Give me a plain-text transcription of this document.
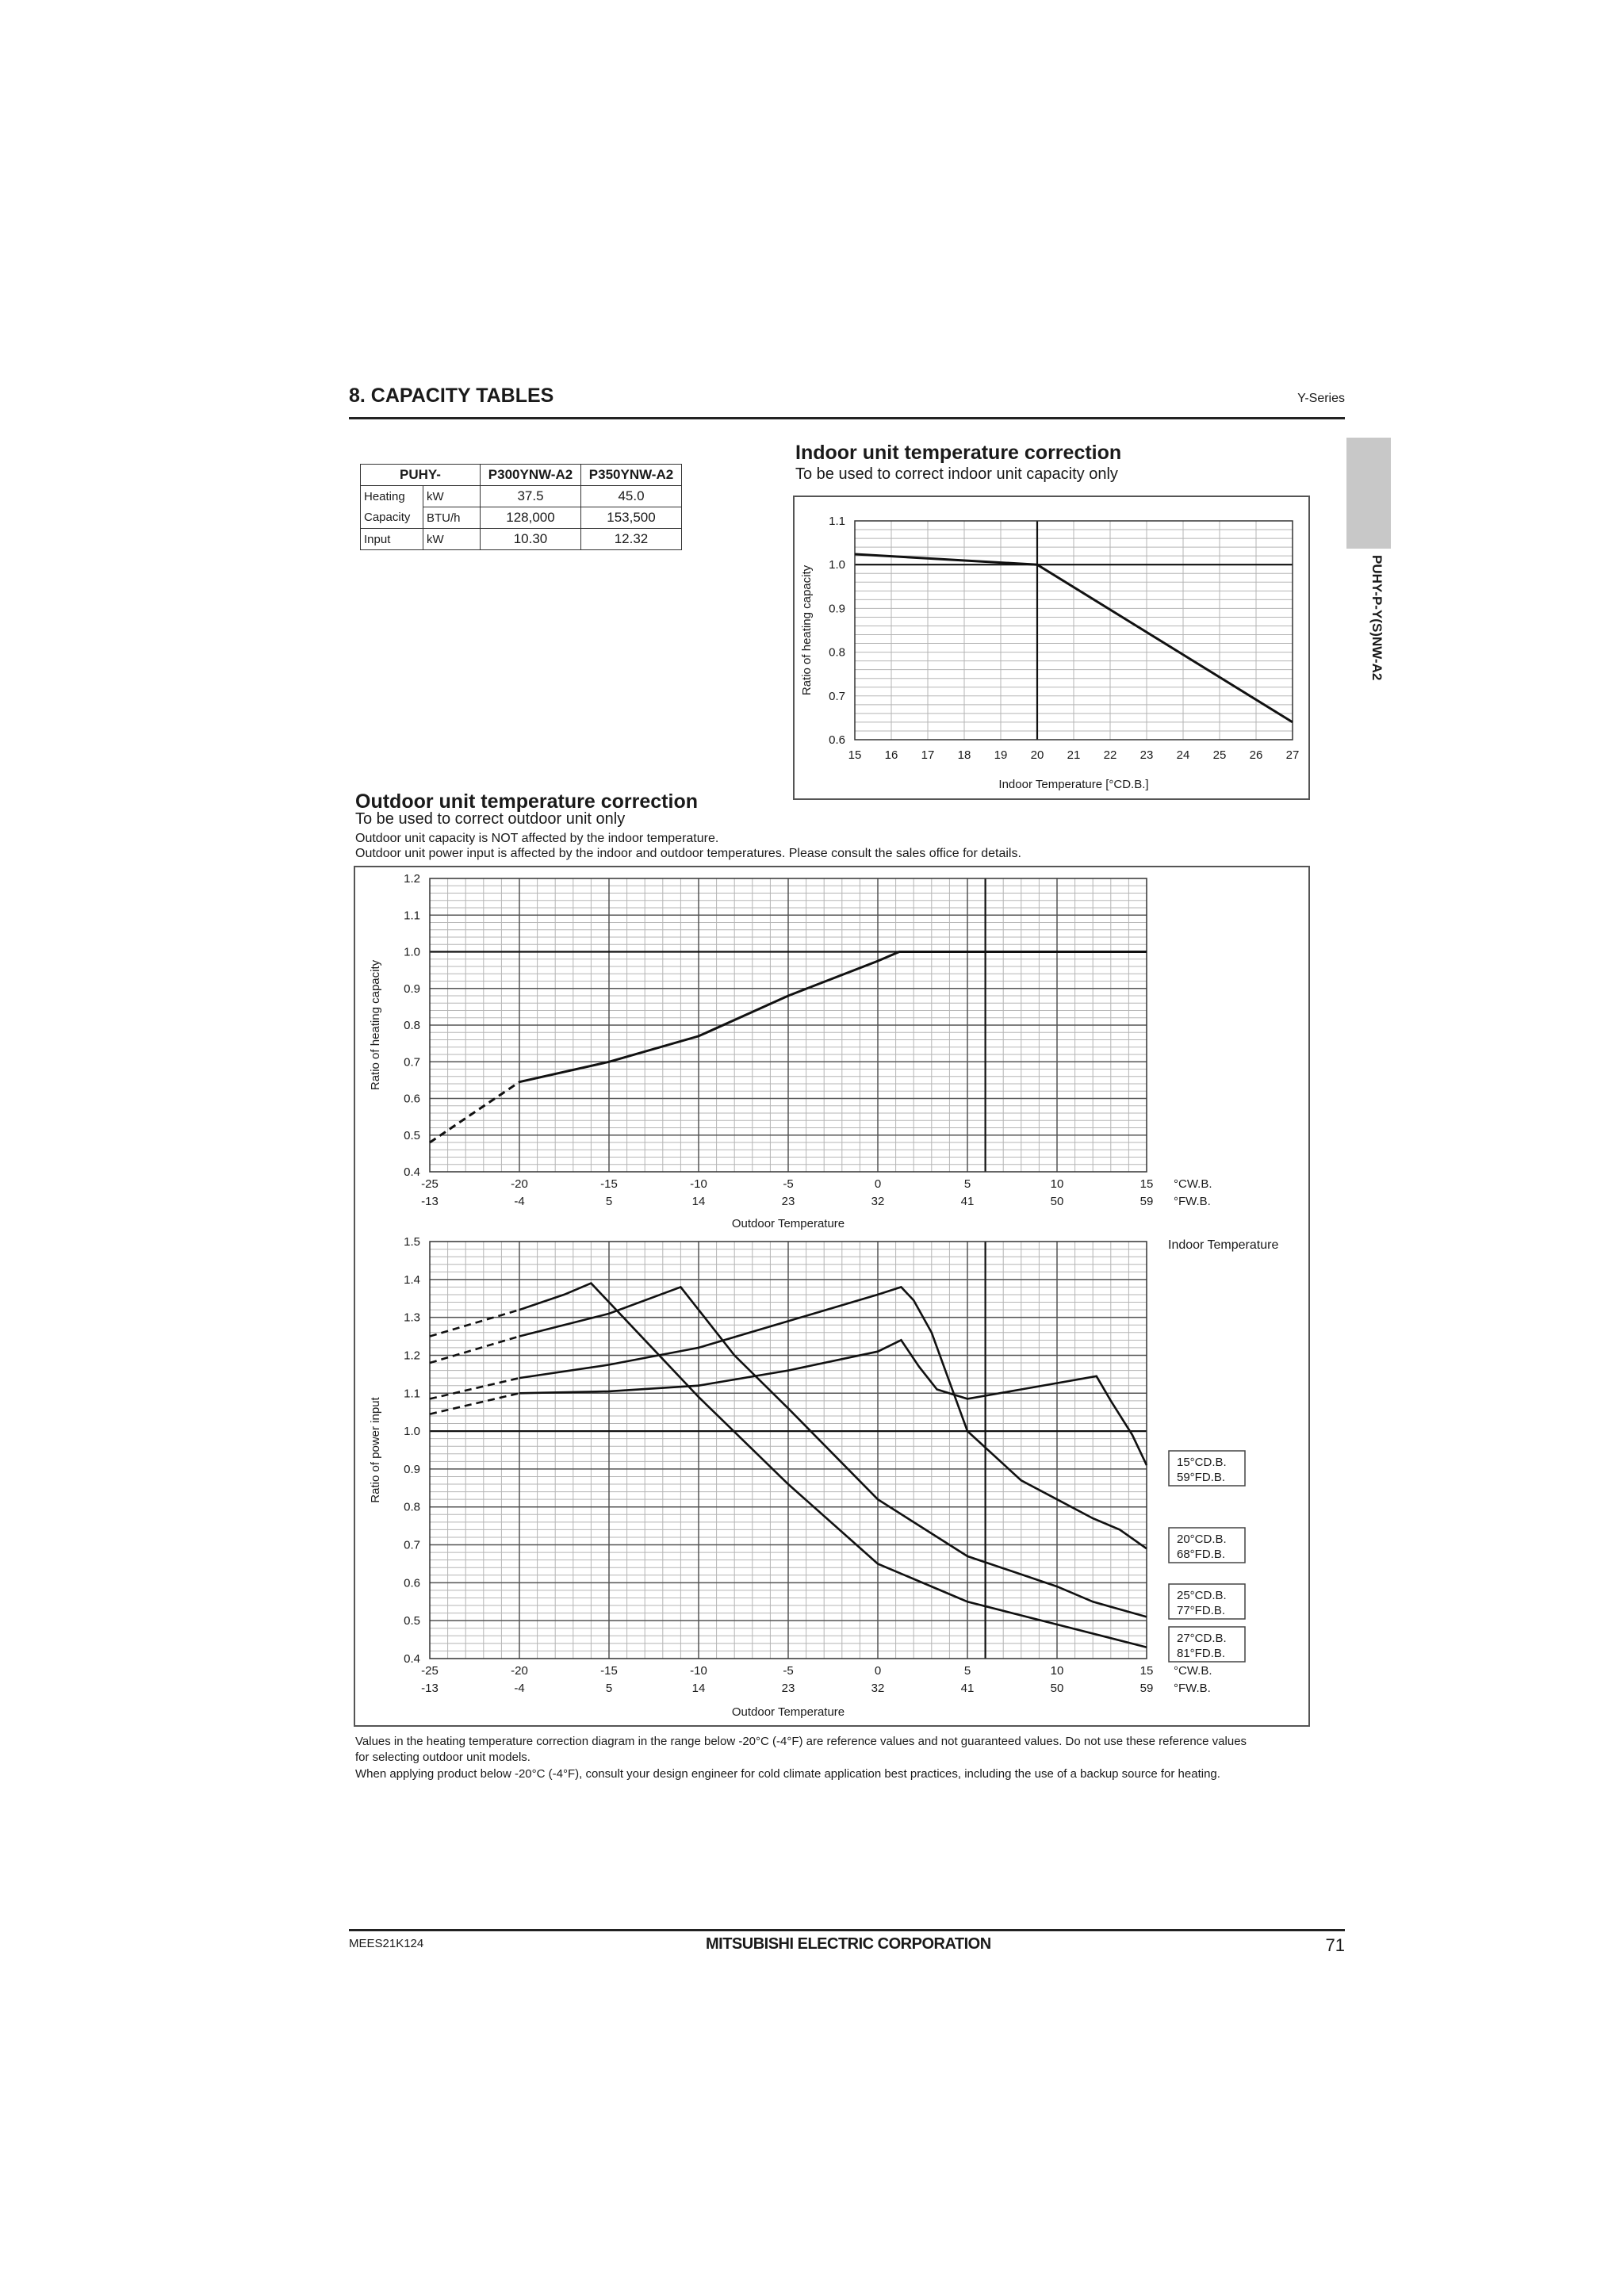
8. CAPACITY TABLES	Y-Series
PUHY-P-Y(S)NW-A2
PUHY-		P300YNW-A2	P350YNW-A2
Heating	kW	37.5	45.0
Capacity	BTU/h	128,000	153,500
Input	kW	10.30	12.32
Indoor unit temperature correction
To be used to correct indoor unit capacity only
0.6
0.7
0.8
0.9
1.0
1.1
15 16 17 18 19 20 21 22 23 24 25 26 27
Indoor Temperature [°CD.B.]
Ratio of heating capacity
Outdoor unit temperature correction
To be used to correct outdoor unit only
Outdoor unit capacity is NOT affected by the indoor temperature.
Outdoor unit power input is affected by the indoor and outdoor temperatures. Please consult the sales office for details.
0.4
0.5
0.6
0.7
0.8
0.9
1.0
1.1
1.2
-25	-20	-15	-10	-5	0	5	10	15
-13	-4	5	14	23	32	41	50	59
°CW.B.
°FW.B.
Outdoor Temperature
Ratio of heating capacity
0.4
0.5
0.6
0.7
0.8
0.9
1.0
1.1
1.2
1.3
1.4
1.5
-25	-20	-15	-10	-5	0	5	10	15
-13	-4	5	14	23	32	41	50	59
°CW.B.
°FW.B.
Outdoor Temperature
Ratio of power input	15°CD.B.
59°FD.B.
20°CD.B.
68°FD.B.
25°CD.B.
77°FD.B.
27°CD.B.
81°FD.B.
Indoor Temperature
Values in the heating temperature correction diagram in the range below -20°C (-4°F) are reference values and not guaranteed values. Do not use these reference values
for selecting outdoor unit models.
When applying product below -20°C (-4°F), consult your design engineer for cold climate application best practices, including the use of a backup source for heating.
MEES21K124	MITSUBISHI ELECTRIC CORPORATION	71
